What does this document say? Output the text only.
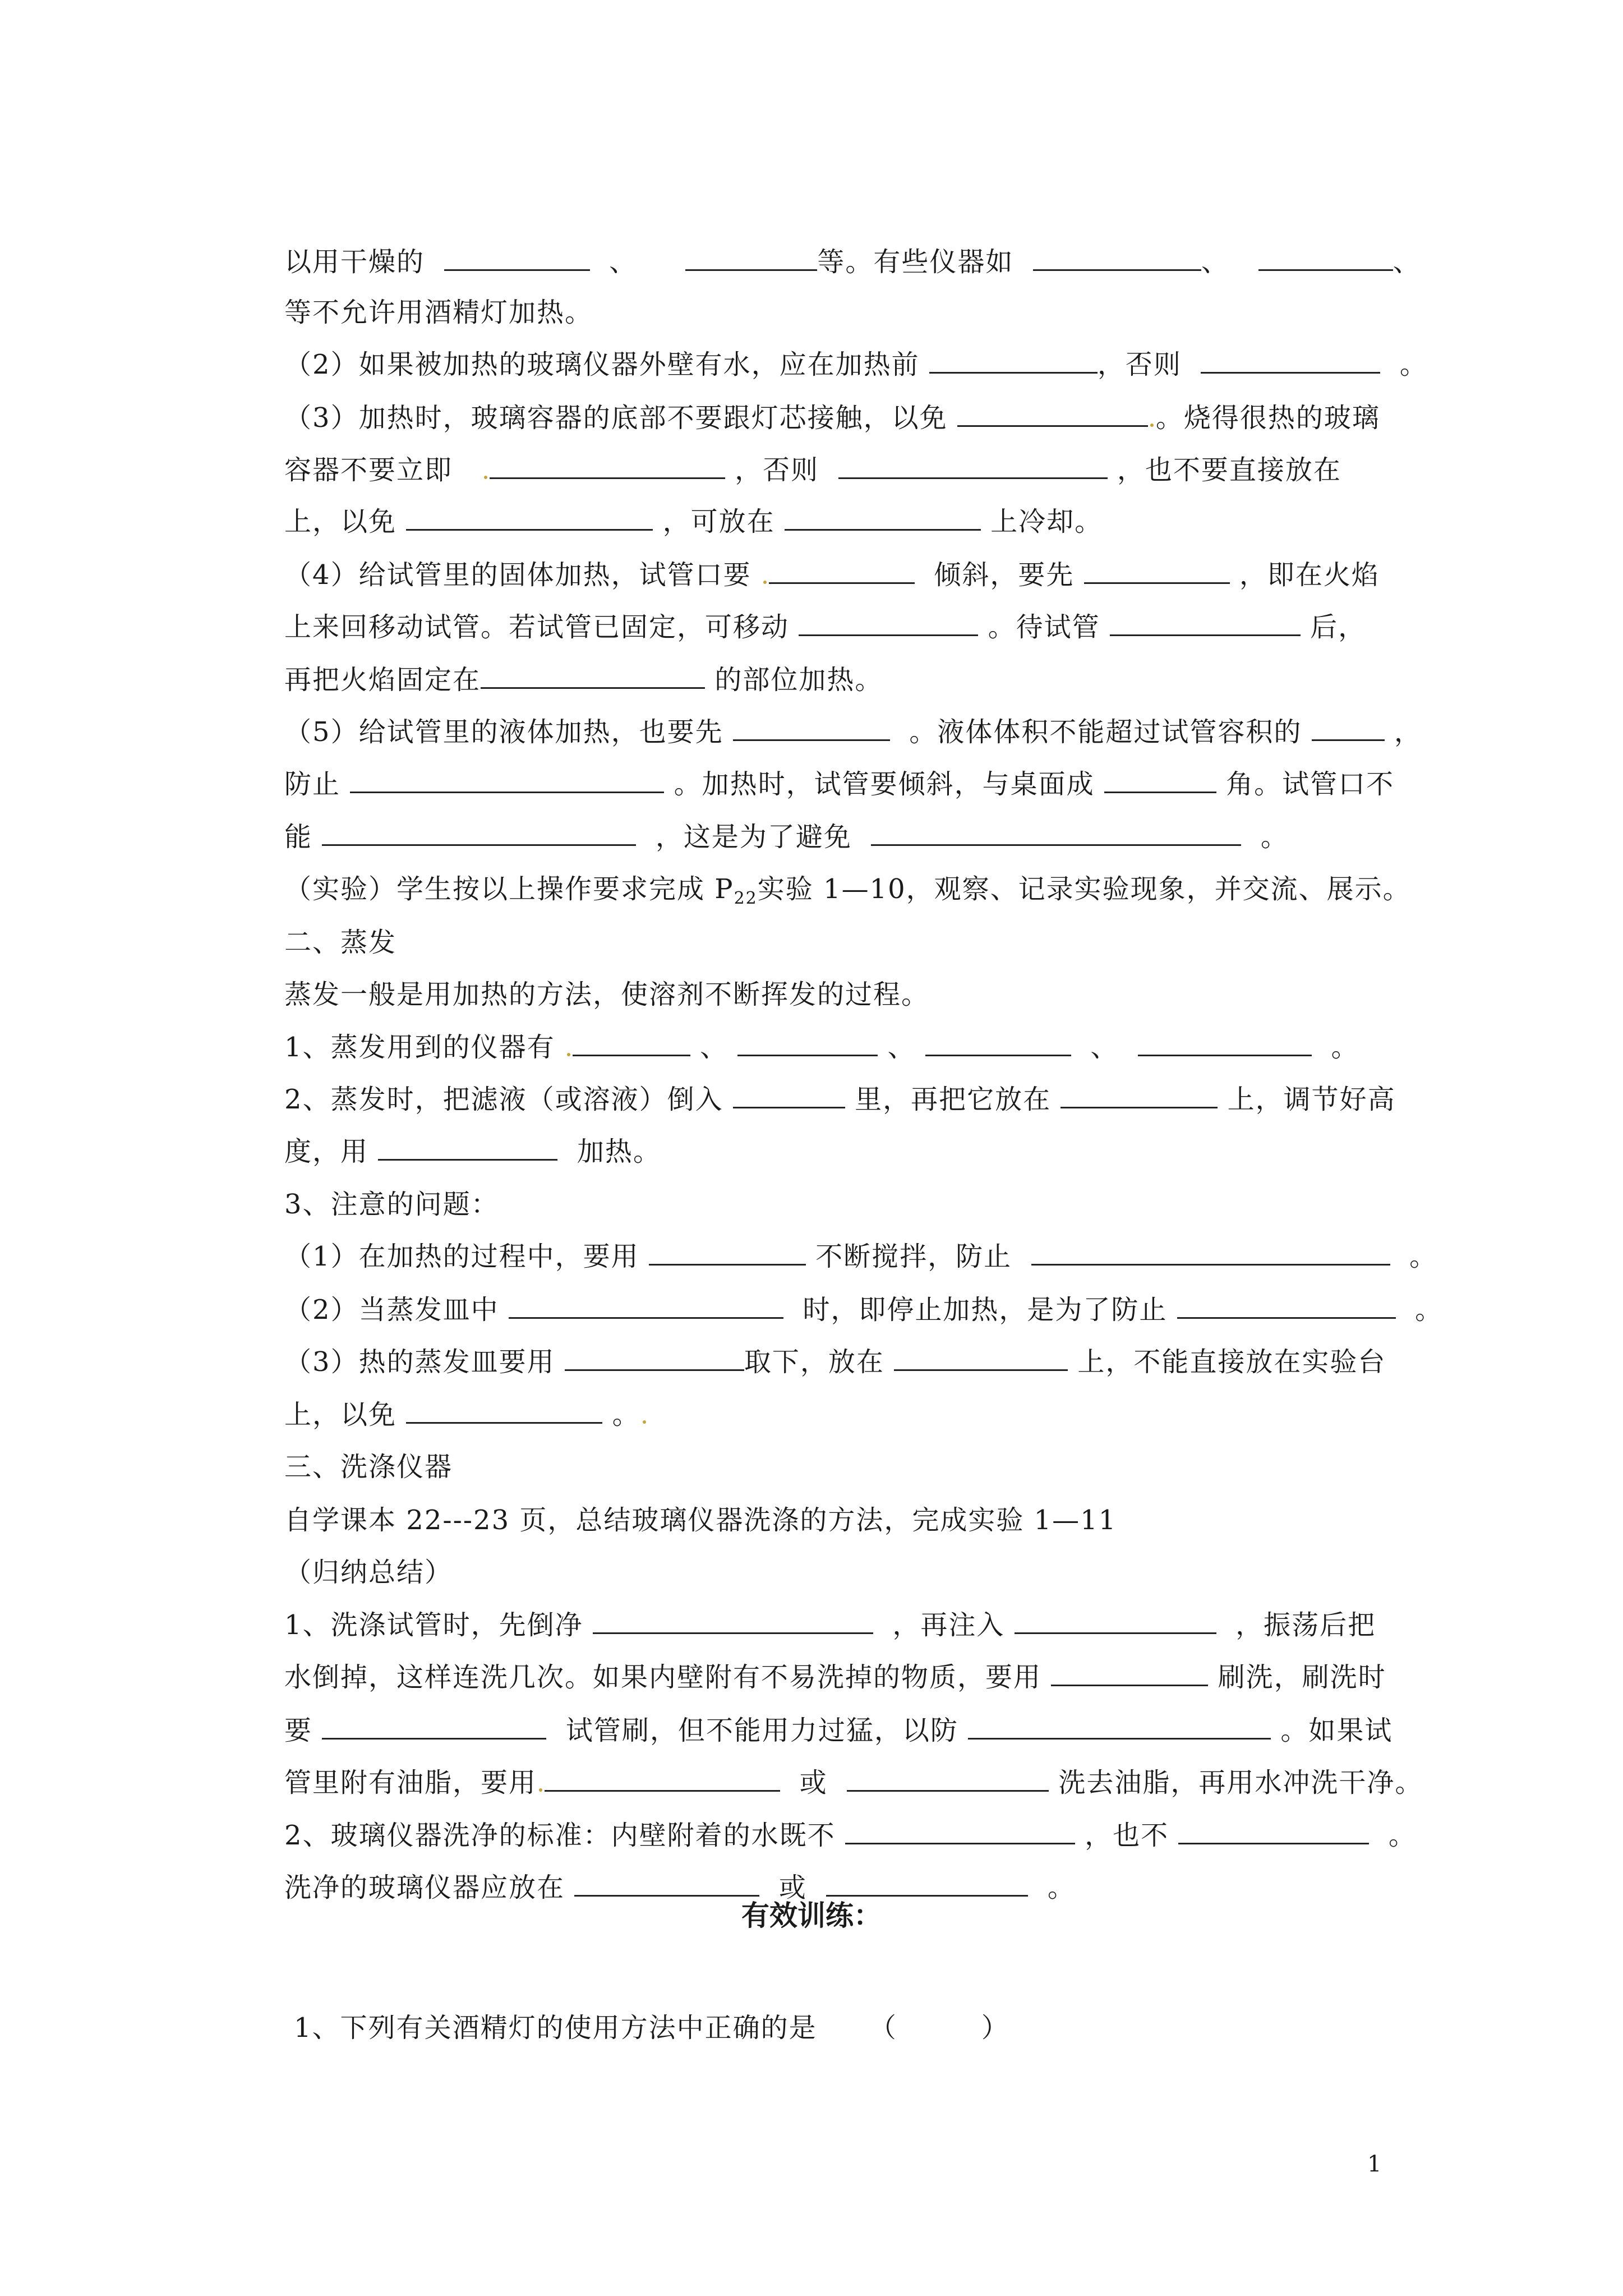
以用干燥的	、	等。有些仪器如	、	、

等不允许用酒精灯加热。

（2）如果被加热的玻璃仪器外壁有水，应在加热前	，否则	。

（3）加热时，玻璃容器的底部不要跟灯芯接触，以免	。烧得很热的玻璃

容器不要立即	，否则	，也不要直接放在

上，以免	，可放在	上冷却。

（4）给试管里的固体加热，试管口要	倾斜，要先	，即在火焰

上来回移动试管。若试管已固定，可移动	。待试管	后，

再把火焰固定在	的部位加热。

（5）给试管里的液体加热，也要先	。液体体积不能超过试管容积的	，

防止	。加热时，试管要倾斜，与桌面成	角。试管口不

能	，这是为了避免	。

（实验）学生按以上操作要求完成 $P_{22}$实验 1—10，观察、记录实验现象，并交流、展示。

二、蒸发

蒸发一般是用加热的方法，使溶剂不断挥发的过程。

1、蒸发用到的仪器有	、	、	、	。

2、蒸发时，把滤液（或溶液）倒入	里，再把它放在	上，调节好高

度，用	加热。

3、注意的问题：

（1）在加热的过程中，要用	不断搅拌，防止	。

（2）当蒸发皿中	时，即停止加热，是为了防止	。

（3）热的蒸发皿要用	取下，放在	上，不能直接放在实验台

上，以免	。

三、洗涤仪器

自学课本 22---23 页，总结玻璃仪器洗涤的方法，完成实验 1—11

（归纳总结）

1、洗涤试管时，先倒净	，再注入	，振荡后把

水倒掉，这样连洗几次。如果内壁附有不易洗掉的物质，要用	刷洗，刷洗时

要	试管刷，但不能用力过猛，以防	。如果试

管里附有油脂，要用	或	洗去油脂，再用水冲洗干净。

2、玻璃仪器洗净的标准：内壁附着的水既不	，也不	。

洗净的玻璃仪器应放在	或	。

有效训练：

1、下列有关酒精灯的使用方法中正确的是 　　（　　　）

1
